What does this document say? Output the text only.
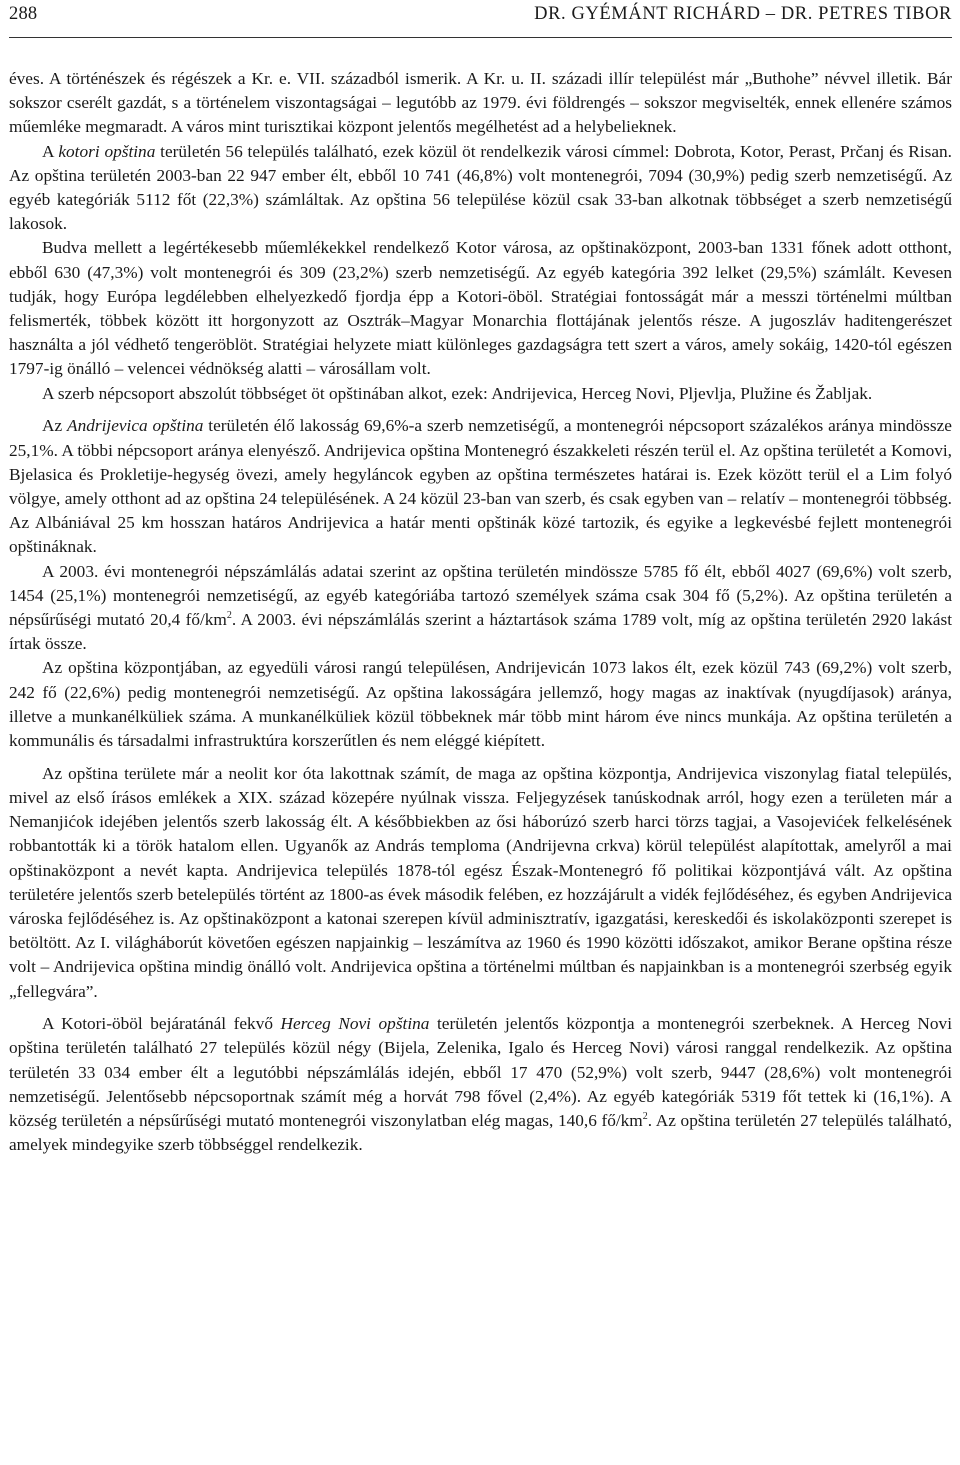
288	DR. GYÉMÁNT RICHÁRD – DR. PETRES TIBOR

éves. A történészek és régészek a Kr. e. VII. századból ismerik. A Kr. u. II. századi illír települést már „Buthohe” névvel illetik. Bár sokszor cserélt gazdát, s a történelem viszontagságai – legutóbb az 1979. évi földrengés – sokszor megviselték, ennek ellenére számos műemléke megmaradt. A város mint turisztikai központ jelentős megélhetést ad a helybelieknek.

A kotori opština területén 56 település található, ezek közül öt rendelkezik városi címmel: Dobrota, Kotor, Perast, Prčanj és Risan. Az opština területén 2003-ban 22 947 ember élt, ebből 10 741 (46,8%) volt montenegrói, 7094 (30,9%) pedig szerb nemzetiségű. Az egyéb kategóriák 5112 főt (22,3%) számláltak. Az opština 56 települése közül csak 33-ban alkotnak többséget a szerb nemzetiségű lakosok.

Budva mellett a legértékesebb műemlékekkel rendelkező Kotor városa, az opštinaközpont, 2003-ban 1331 főnek adott otthont, ebből 630 (47,3%) volt montenegrói és 309 (23,2%) szerb nemzetiségű. Az egyéb kategória 392 lelket (29,5%) számlált. Kevesen tudják, hogy Európa legdélebben elhelyezkedő fjordja épp a Kotori-öböl. Stratégiai fontosságát már a messzi történelmi múltban felismerték, többek között itt horgonyzott az Osztrák–Magyar Monarchia flottájának jelentős része. A jugoszláv haditengerészet használta a jól védhető tengeröblöt. Stratégiai helyzete miatt különleges gazdagságra tett szert a város, amely sokáig, 1420-tól egészen 1797-ig önálló – velencei védnökség alatti – városállam volt.

A szerb népcsoport abszolút többséget öt opštinában alkot, ezek: Andrijevica, Herceg Novi, Pljevlja, Plužine és Žabljak.

Az Andrijevica opština területén élő lakosság 69,6%-a szerb nemzetiségű, a montenegrói népcsoport százalékos aránya mindössze 25,1%. A többi népcsoport aránya elenyésző. Andrijevica opština Montenegró északkeleti részén terül el. Az opština területét a Komovi, Bjelasica és Prokletije-hegység övezi, amely hegyláncok egyben az opština természetes határai is. Ezek között terül el a Lim folyó völgye, amely otthont ad az opština 24 településének. A 24 közül 23-ban van szerb, és csak egyben van – relatív – montenegrói többség. Az Albániával 25 km hosszan határos Andrijevica a határ menti opštinák közé tartozik, és egyike a legkevésbé fejlett montenegrói opštináknak.

A 2003. évi montenegrói népszámlálás adatai szerint az opština területén mindössze 5785 fő élt, ebből 4027 (69,6%) volt szerb, 1454 (25,1%) montenegrói nemzetiségű, az egyéb kategóriába tartozó személyek száma csak 304 fő (5,2%). Az opština területén a népsűrűségi mutató 20,4 $fő/km^2$. A 2003. évi népszámlálás szerint a háztartások száma 1789 volt, míg az opština területén 2920 lakást írtak össze.

Az opština központjában, az egyedüli városi rangú településen, Andrijevicán 1073 lakos élt, ezek közül 743 (69,2%) volt szerb, 242 fő (22,6%) pedig montenegrói nemzetiségű. Az opština lakosságára jellemző, hogy magas az inaktívak (nyugdíjasok) aránya, illetve a munkanélküliek száma. A munkanélküliek közül többeknek már több mint három éve nincs munkája. Az opština területén a kommunális és társadalmi infrastruktúra korszerűtlen és nem eléggé kiépített.

Az opština területe már a neolit kor óta lakottnak számít, de maga az opština központja, Andrijevica viszonylag fiatal település, mivel az első írásos emlékek a XIX. század közepére nyúlnak vissza. Feljegyzések tanúskodnak arról, hogy ezen a területen már a Nemanjićok idejében jelentős szerb lakosság élt. A későbbiekben az ősi háborúzó szerb harci törzs tagjai, a Vasojevićek felkelésének robbantották ki a török hatalom ellen. Ugyanők az András temploma (Andrijevna crkva) körül települést alapítottak, amelyről a mai opštinaközpont a nevét kapta. Andrijevica település 1878-tól egész Észak-Montenegró fő politikai központjává vált. Az opština területére jelentős szerb betelepülés történt az 1800-as évek második felében, ez hozzájárult a vidék fejlődéséhez, és egyben Andrijevica városka fejlődéséhez is. Az opštinaközpont a katonai szerepen kívül adminisztratív, igazgatási, kereskedői és iskolaközponti szerepet is betöltött. Az I. világháborút követően egészen napjainkig – leszámítva az 1960 és 1990 közötti időszakot, amikor Berane opština része volt – Andrijevica opština mindig önálló volt. Andrijevica opština a történelmi múltban és napjainkban is a montenegrói szerbség egyik „fellegvára”.

A Kotori-öböl bejáratánál fekvő Herceg Novi opština területén jelentős központja a montenegrói szerbeknek. A Herceg Novi opština területén található 27 település közül négy (Bijela, Zelenika, Igalo és Herceg Novi) városi ranggal rendelkezik. Az opština területén 33 034 ember élt a legutóbbi népszámlálás idején, ebből 17 470 (52,9%) volt szerb, 9447 (28,6%) volt montenegrói nemzetiségű. Jelentősebb népcsoportnak számít még a horvát 798 fővel (2,4%). Az egyéb kategóriák 5319 főt tettek ki (16,1%). A község területén a népsűrűségi mutató montenegrói viszonylatban elég magas, 140,6 $fő/km^2$. Az opština területén 27 település található, amelyek mindegyike szerb többséggel rendelkezik.
